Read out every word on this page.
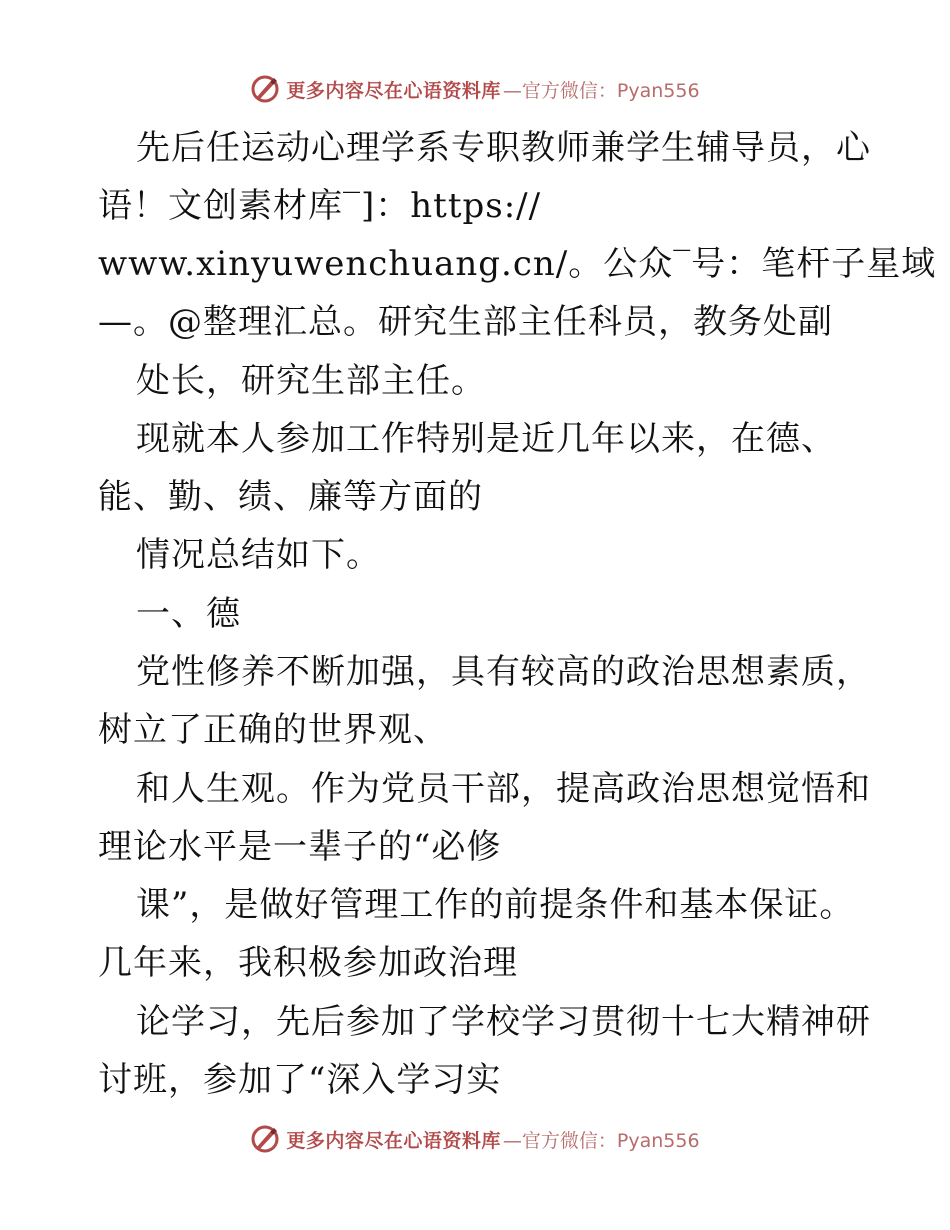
更多内容尽在心语资料库 —官方微信：Pyan556
先后任运动心理学系专职教师兼学生辅导员，心
语！文创素材库‾]：https://
www.xinyuwenchuang.cn/。公众‾号：笔杆子星域
—。@整理汇总。研究生部主任科员，教务处副
处长，研究生部主任。
现就本人参加工作特别是近几年以来，在德、
能、勤、绩、廉等方面的
情况总结如下。
一、德
党性修养不断加强，具有较高的政治思想素质，
树立了正确的世界观、
和人生观。作为党员干部，提高政治思想觉悟和
理论水平是一辈子的“必修
课”，是做好管理工作的前提条件和基本保证。
几年来，我积极参加政治理
论学习，先后参加了学校学习贯彻十七大精神研
讨班，参加了“深入学习实
更多内容尽在心语资料库 —官方微信：Pyan556
